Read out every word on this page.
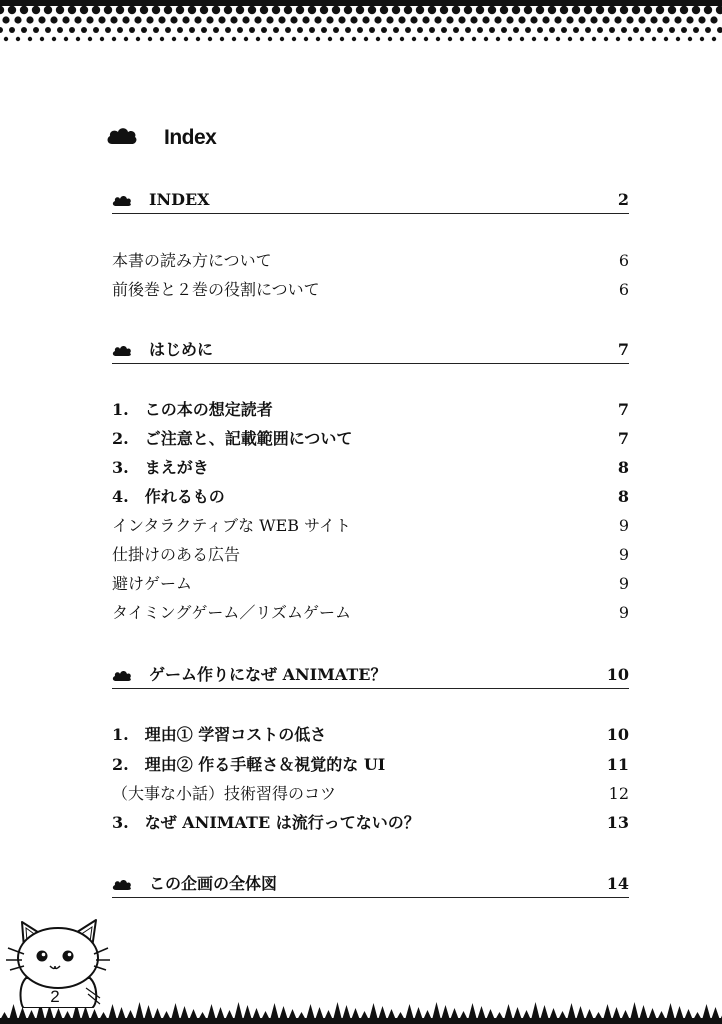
Index
INDEX	2
本書の読み方について	6
前後巻と２巻の役割について	6
はじめに	7
1.　この本の想定読者	7
2.　ご注意と、記載範囲について	7
3.　まえがき	8
4.　作れるもの	8
インタラクティブな WEB サイト	9
仕掛けのある広告	9
避けゲーム	9
タイミングゲーム／リズムゲーム	9
ゲーム作りになぜ ANIMATE？	10
1.　理由① 学習コストの低さ	10
2.　理由② 作る手軽さ＆視覚的な UI	11
（大事な小話）技術習得のコツ	12
3.　なぜ ANIMATE は流行ってないの？	13
この企画の全体図	14
2
